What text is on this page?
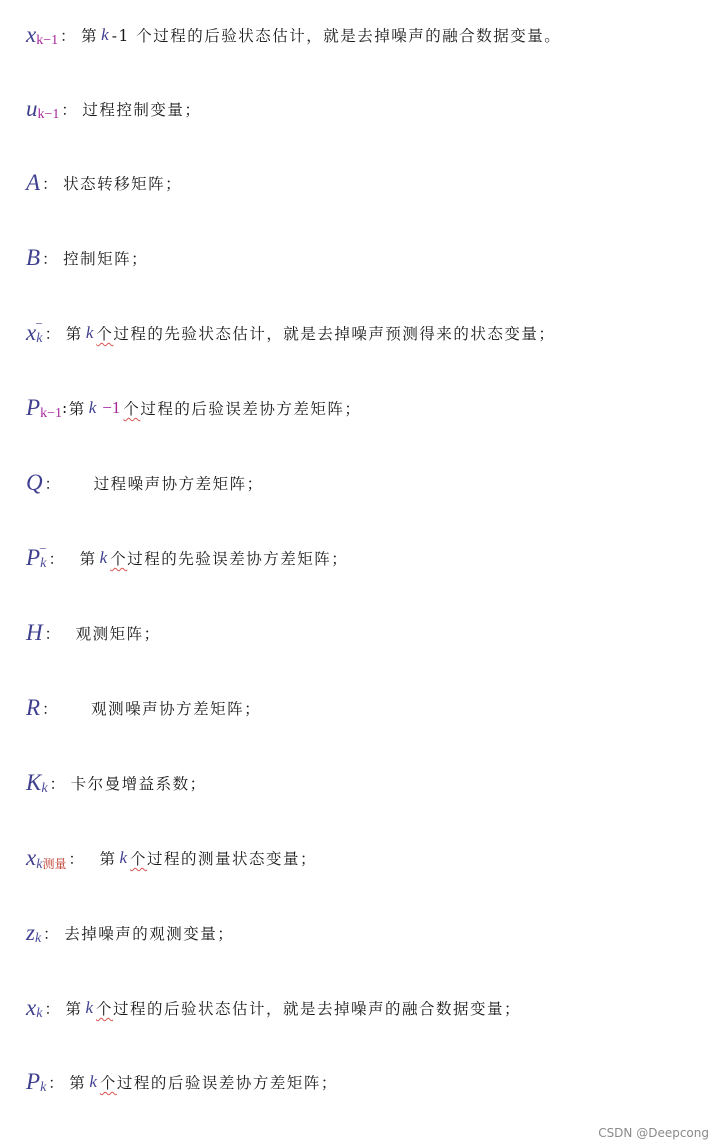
x k−1 ： 第 k -1 个过程的后验状态估计，就是去掉噪声的融合数据变量。
u k−1 ： 过程控制变量；
A ： 状态转移矩阵；
B ： 控制矩阵；
x k
−
： 第 k 个 过程的先验状态估计，就是去掉噪声预测得来的状态变量；
P k−1 : 第 k −1 个 过程的后验误差协方差矩阵；
Q ： 过程噪声协方差矩阵；
P k
−
： 第 k 个 过程的先验误差协方差矩阵；
H ： 观测矩阵；
R ： 观测噪声协方差矩阵；
K k ： 卡尔曼增益系数；
x k测量 ： 第 k 个 过程的测量状态变量；
z k ： 去掉噪声的观测变量；
x k ： 第 k 个 过程的后验状态估计，就是去掉噪声的融合数据变量；
P k ： 第 k 个 过程的后验误差协方差矩阵；
CSDN @Deepcong
